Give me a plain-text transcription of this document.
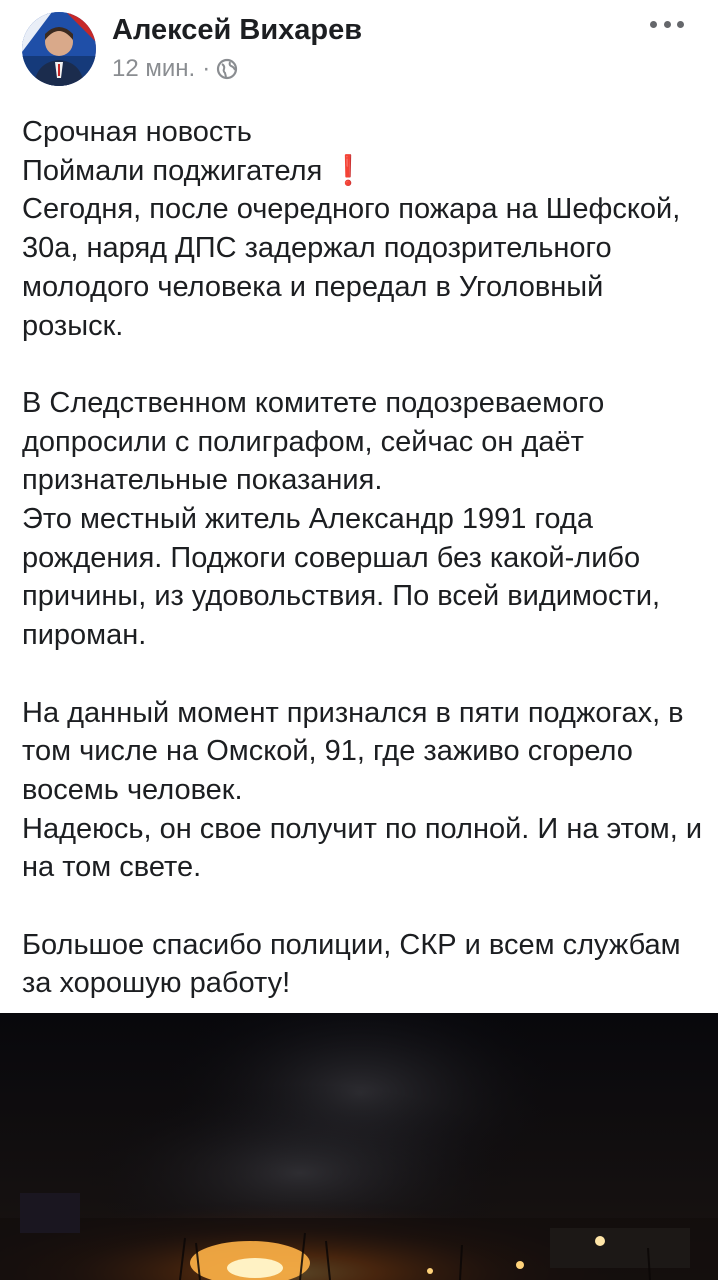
Алексей Вихарев
12 мин. ·

Срочная новость

Поймали поджигателя ❗

Сегодня, после очередного пожара на Шефской, 30а, наряд ДПС задержал подозрительного молодого человека и передал в Уголовный розыск.

В Следственном комитете подозреваемого допросили с полиграфом, сейчас он даёт признательные показания.

Это местный житель Александр 1991 года рождения. Поджоги совершал без какой-либо причины, из удовольствия. По всей видимости, пироман.

На данный момент признался в пяти поджогах, в том числе на Омской, 91, где заживо сгорело восемь человек.

Надеюсь, он свое получит по полной. И на этом, и на том свете.

Большое спасибо полиции, СКР и всем службам за хорошую работу!
